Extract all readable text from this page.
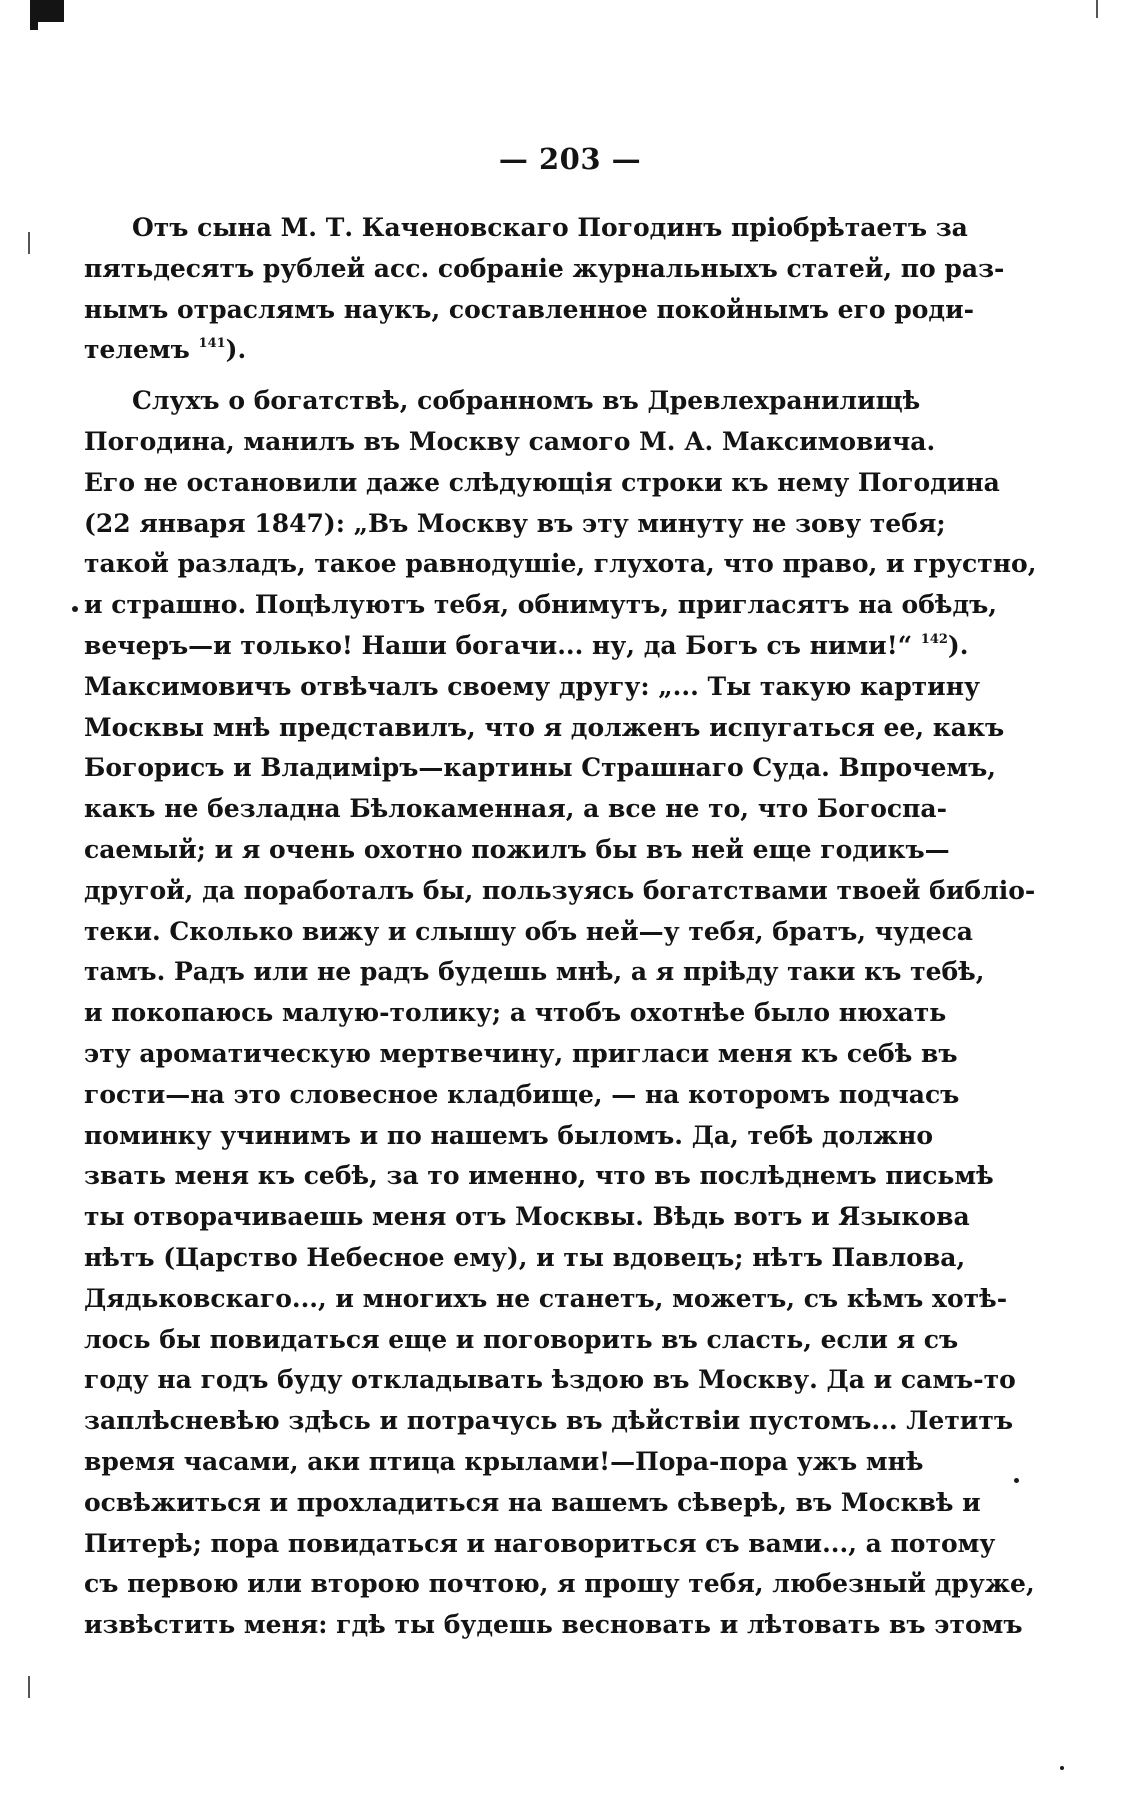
— 203 —
Отъ сына М. Т. Каченовскаго Погодинъ пріобрѣтаетъ за
пятьдесятъ рублей асс. собраніе журнальныхъ статей, по раз-
нымъ отраслямъ наукъ, составленное покойнымъ его роди-
телемъ $^{141}$).
Слухъ о богатствѣ, собранномъ въ Древлехранилищѣ
Погодина, манилъ въ Москву самого М. А. Максимовича.
Его не остановили даже слѣдующія строки къ нему Погодина
(22 января 1847): „Въ Москву въ эту минуту не зову тебя;
такой разладъ, такое равнодушіе, глухота, что право, и грустно,
и страшно. Поцѣлуютъ тебя, обнимутъ, пригласятъ на обѣдъ,
вечеръ—и только! Наши богачи... ну, да Богъ съ ними!“ $^{142}$).
Максимовичъ отвѣчалъ своему другу: „... Ты такую картину
Москвы мнѣ представилъ, что я долженъ испугаться ее, какъ
Богорисъ и Владиміръ—картины Страшнаго Суда. Впрочемъ,
какъ не безладна Бѣлокаменная, а все не то, что Богоспа-
саемый; и я очень охотно пожилъ бы въ ней еще годикъ—
другой, да поработалъ бы, пользуясь богатствами твоей библіо-
теки. Сколько вижу и слышу объ ней—у тебя, братъ, чудеса
тамъ. Радъ или не радъ будешь мнѣ, а я пріѣду таки къ тебѣ,
и покопаюсь малую-толику; а чтобъ охотнѣе было нюхать
эту ароматическую мертвечину, пригласи меня къ себѣ въ
гости—на это словесное кладбище, — на которомъ подчасъ
поминку учинимъ и по нашемъ быломъ. Да, тебѣ должно
звать меня къ себѣ, за то именно, что въ послѣднемъ письмѣ
ты отворачиваешь меня отъ Москвы. Вѣдь вотъ и Языкова
нѣтъ (Царство Небесное ему), и ты вдовецъ; нѣтъ Павлова,
Дядьковскаго..., и многихъ не станетъ, можетъ, съ кѣмъ хотѣ-
лось бы повидаться еще и поговорить въ сласть, если я съ
году на годъ буду откладывать ѣздою въ Москву. Да и самъ-то
заплѣсневѣю здѣсь и потрачусь въ дѣйствіи пустомъ... Летитъ
время часами, аки птица крылами!—Пора-пора ужъ мнѣ
освѣжиться и прохладиться на вашемъ сѣверѣ, въ Москвѣ и
Питерѣ; пора повидаться и наговориться съ вами..., а потому
съ первою или второю почтою, я прошу тебя, любезный друже,
извѣстить меня: гдѣ ты будешь весновать и лѣтовать въ этомъ
